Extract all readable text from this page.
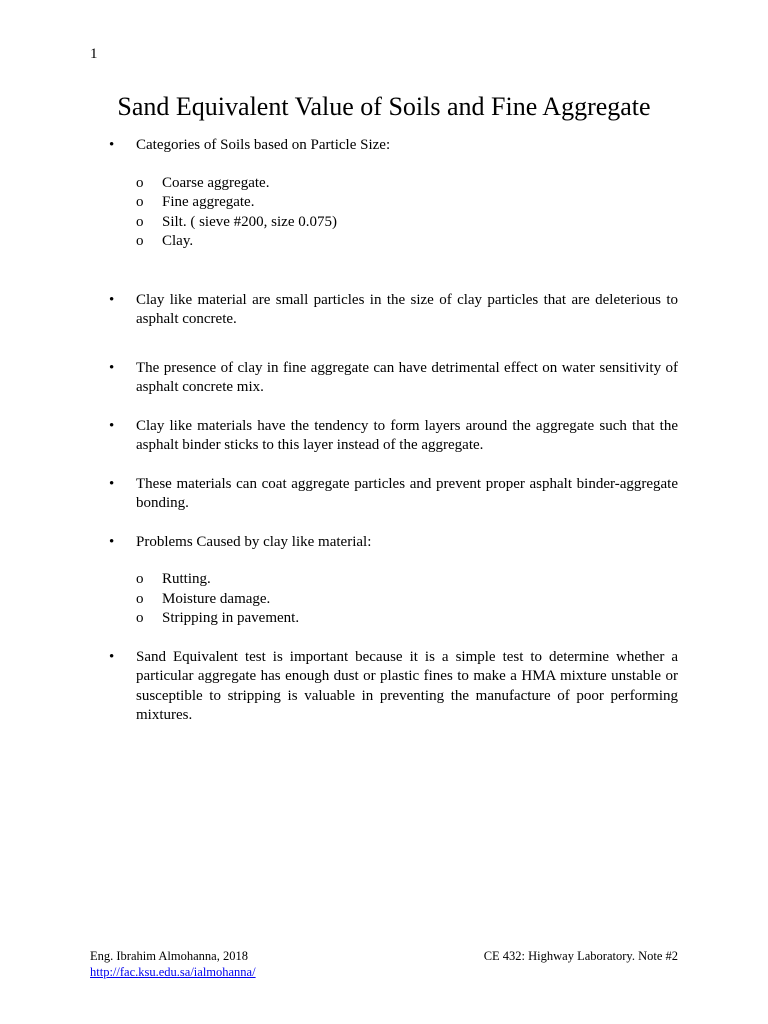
1
Sand Equivalent Value of Soils and Fine Aggregate
• Categories of Soils based on Particle Size:
o Coarse aggregate.
o Fine aggregate.
o Silt. ( sieve #200, size 0.075)
o Clay.
• Clay like material are small particles in the size of clay particles that are deleterious to asphalt concrete.
• The presence of clay in fine aggregate can have detrimental effect on water sensitivity of asphalt concrete mix.
• Clay like materials have the tendency to form layers around the aggregate such that the asphalt binder sticks to this layer instead of the aggregate.
• These materials can coat aggregate particles and prevent proper asphalt binder-aggregate bonding.
• Problems Caused by clay like material:
o Rutting.
o Moisture damage.
o Stripping in pavement.
• Sand Equivalent test is important because it is a simple test to determine whether a particular aggregate has enough dust or plastic fines to make a HMA mixture unstable or susceptible to stripping is valuable in preventing the manufacture of poor performing mixtures.
Eng. Ibrahim Almohanna, 2018
http://fac.ksu.edu.sa/ialmohanna/
CE 432: Highway Laboratory. Note #2
